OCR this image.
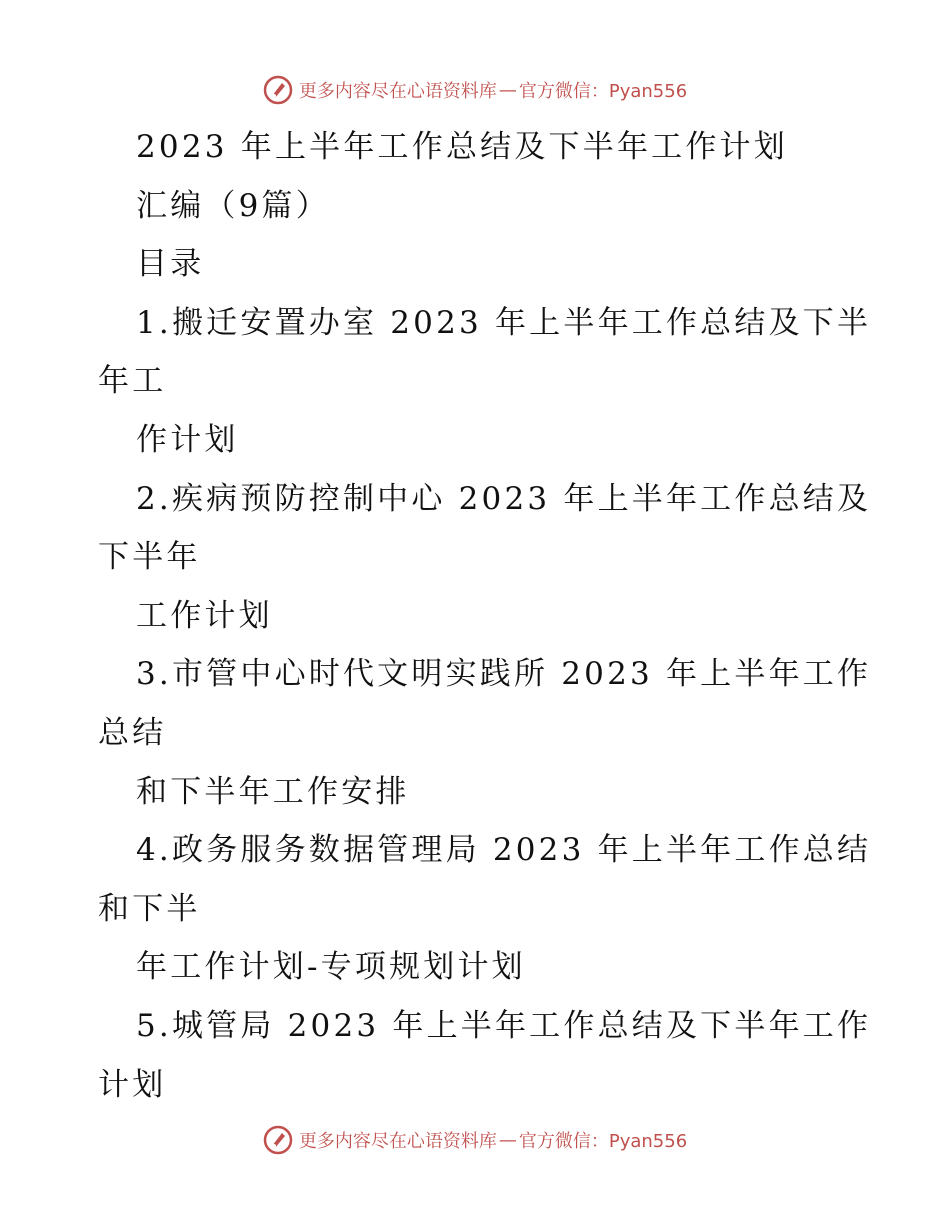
更多内容尽在心语资料库 — 官方微信：Pyan556
2023 年上半年工作总结及下半年工作计划
汇编（9篇）
目录
1.搬迁安置办室 2023 年上半年工作总结及下半
年工
作计划
2.疾病预防控制中心 2023 年上半年工作总结及
下半年
工作计划
3.市管中心时代文明实践所 2023 年上半年工作
总结
和下半年工作安排
4.政务服务数据管理局 2023 年上半年工作总结
和下半
年工作计划-专项规划计划
5.城管局 2023 年上半年工作总结及下半年工作
计划
更多内容尽在心语资料库 — 官方微信：Pyan556
